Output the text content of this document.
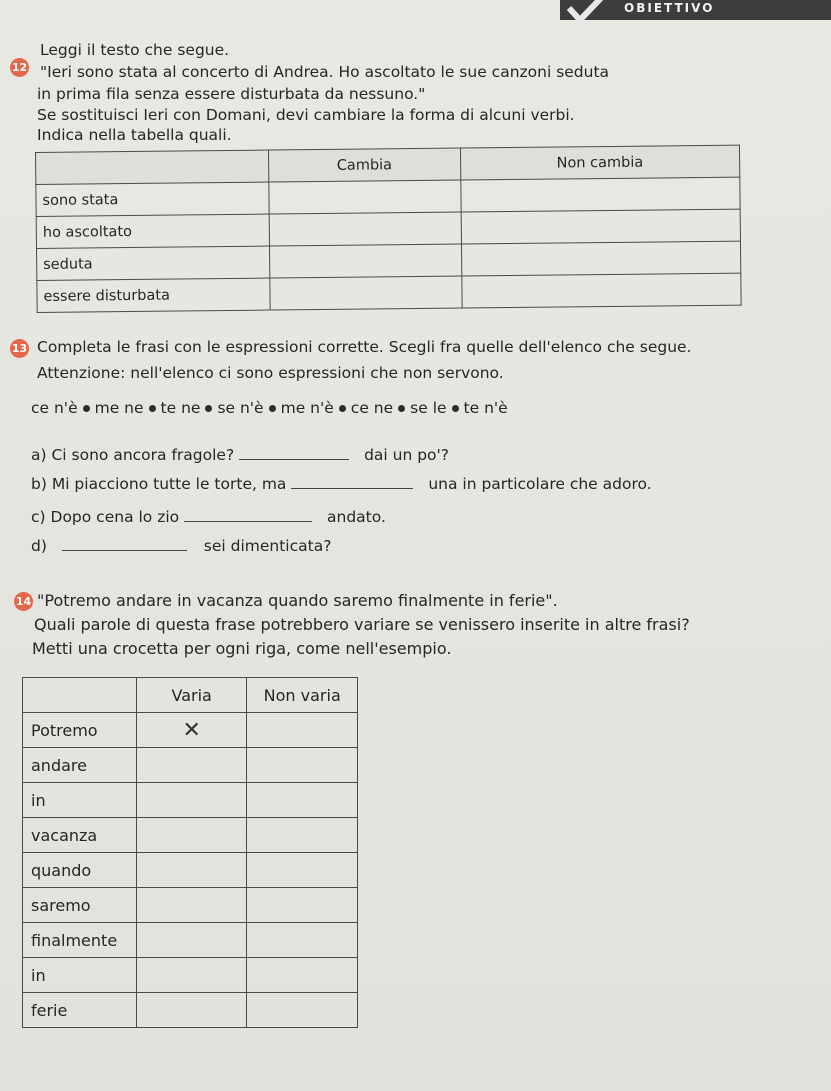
OBIETTIVO
12
Leggi il testo che segue.
"Ieri sono stata al concerto di Andrea. Ho ascoltato le sue canzoni seduta
in prima fila senza essere disturbata da nessuno."
Se sostituisci Ieri con Domani, devi cambiare la forma di alcuni verbi.
Indica nella tabella quali.
	Cambia	Non cambia
sono stata		
ho ascoltato		
seduta		
essere disturbata		
13 Completa le frasi con le espressioni corrette. Scegli fra quelle dell'elenco che segue.
Attenzione: nell'elenco ci sono espressioni che non servono.
ce n'è me ne te ne se n'è me n'è ce ne se le te n'è
a) Ci sono ancora fragole?	dai un po'?
b) Mi piacciono tutte le torte, ma	una in particolare che adoro.
c) Dopo cena lo zio	andato.
d)	sei dimenticata?
14 "Potremo andare in vacanza quando saremo finalmente in ferie".
Quali parole di questa frase potrebbero variare se venissero inserite in altre frasi?
Metti una crocetta per ogni riga, come nell'esempio.
	Varia	Non varia
Potremo	✕	
andare		
in		
vacanza		
quando		
saremo		
finalmente		
in		
ferie		
